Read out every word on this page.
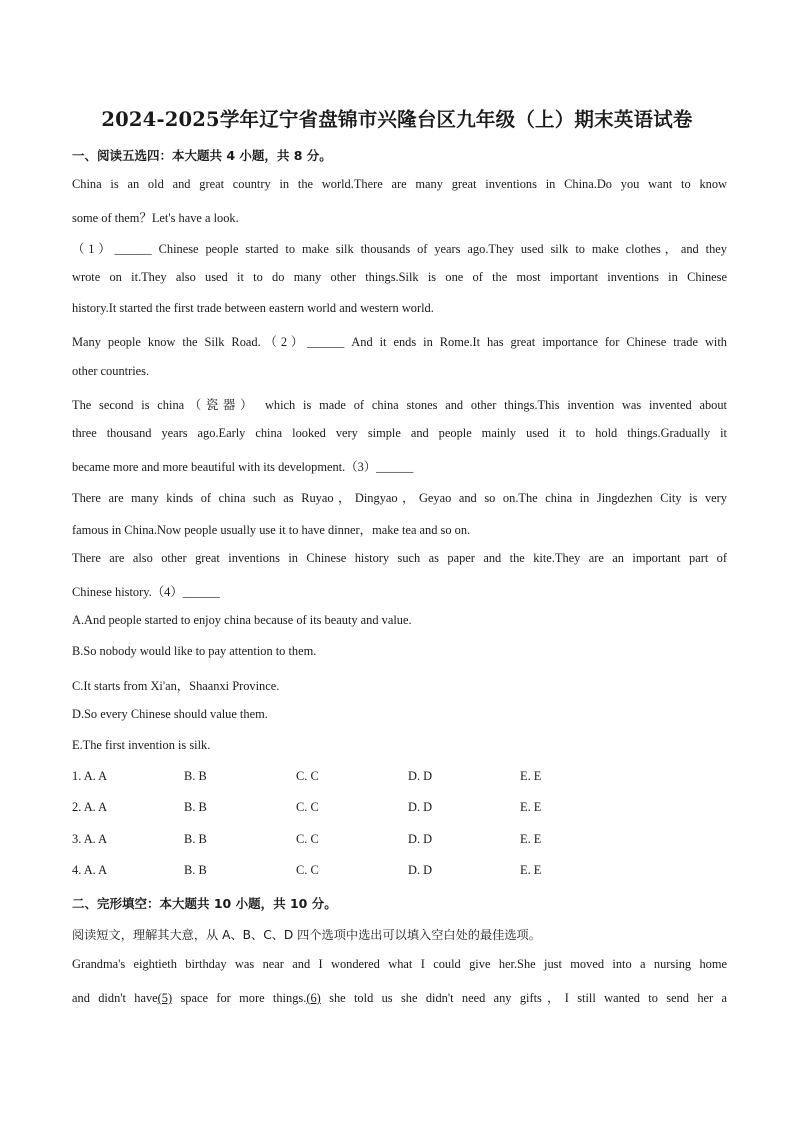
2024-2025学年辽宁省盘锦市兴隆台区九年级（上）期末英语试卷
一、阅读五选四：本大题共 4 小题，共 8 分。
China is an old and great country in the world.There are many great inventions in China.Do you want to know
some of them？Let's have a look.
（1）______ Chinese people started to make silk thousands of years ago.They used silk to make clothes，and they
wrote on it.They also used it to do many other things.Silk is one of the most important inventions in Chinese
history.It started the first trade between eastern world and western world.
Many people know the Silk Road.（2）______ And it ends in Rome.It has great importance for Chinese trade with
other countries.
The second is china（瓷器） which is made of china stones and other things.This invention was invented about
three thousand years ago.Early china looked very simple and people mainly used it to hold things.Gradually it
became more and more beautiful with its development.（3）______
There are many kinds of china such as Ruyao，Dingyao，Geyao and so on.The china in Jingdezhen City is very
famous in China.Now people usually use it to have dinner，make tea and so on.
There are also other great inventions in Chinese history such as paper and the kite.They are an important part of
Chinese history.（4）______
A.And people started to enjoy china because of its beauty and value.
B.So nobody would like to pay attention to them.
C.It starts from Xi'an，Shaanxi Province.
D.So every Chinese should value them.
E.The first invention is silk.
1. A. A	B. B	C. C	D. D	E. E
2. A. A	B. B	C. C	D. D	E. E
3. A. A	B. B	C. C	D. D	E. E
4. A. A	B. B	C. C	D. D	E. E
二、完形填空：本大题共 10 小题，共 10 分。
阅读短文，理解其大意，从 A、B、C、D 四个选项中选出可以填入空白处的最佳选项。
Grandma's eightieth birthday was near and I wondered what I could give her.She just moved into a nursing home
and didn't have(5) space for more things.(6) she told us she didn't need any gifts，I still wanted to send her a
